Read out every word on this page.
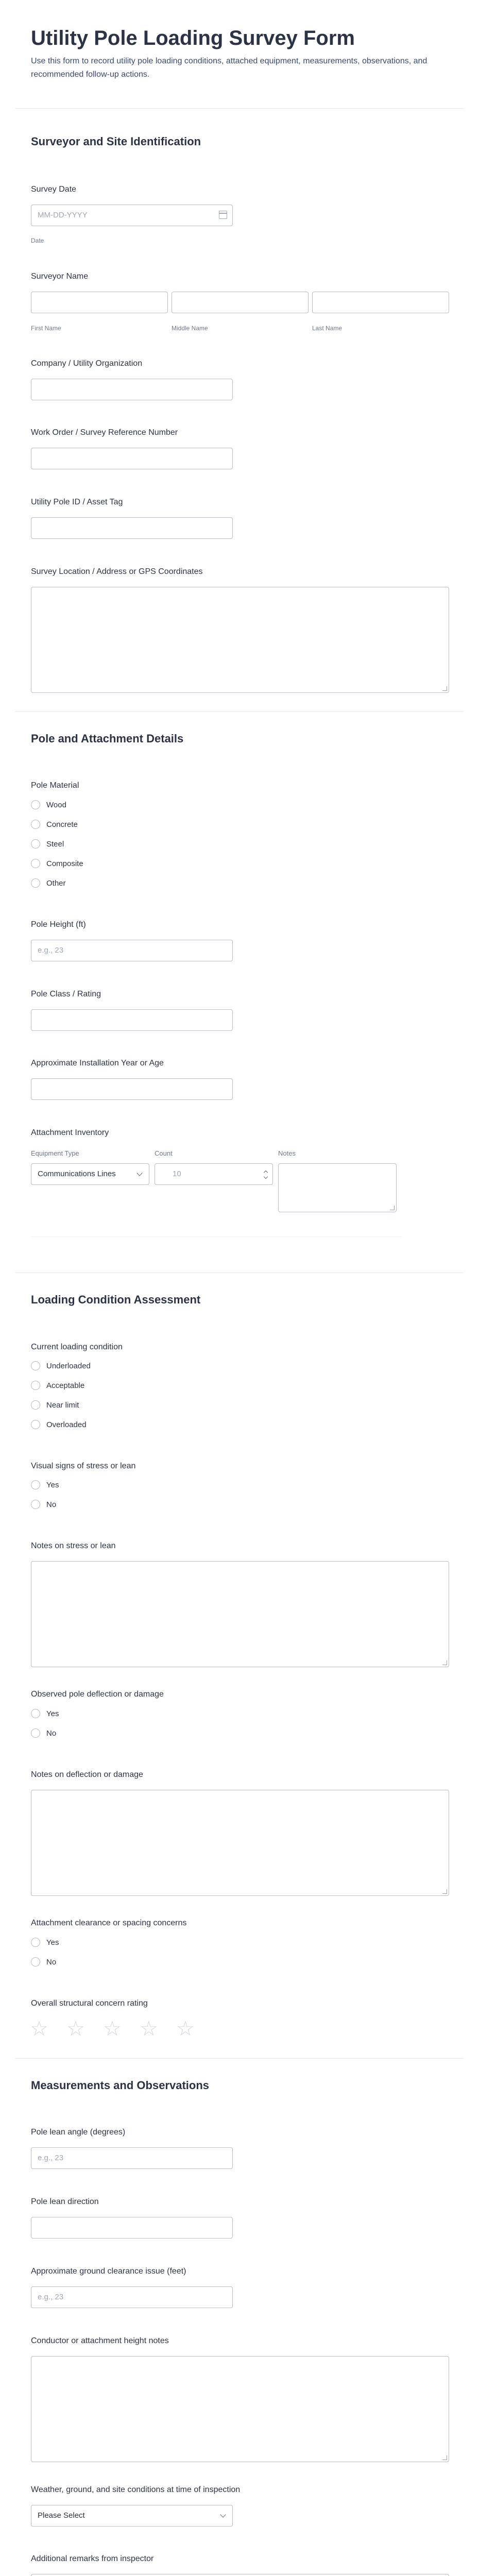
Utility Pole Loading Survey Form
Use this form to record utility pole loading conditions, attached equipment, measurements, observations, and recommended follow-up actions.
Surveyor and Site Identification
Survey Date
MM-DD-YYYY
Date
Surveyor Name
First Name	Middle Name	Last Name
Company / Utility Organization
Work Order / Survey Reference Number
Utility Pole ID / Asset Tag
Survey Location / Address or GPS Coordinates
Pole and Attachment Details
Pole Material
Wood
Concrete
Steel
Composite
Other
Pole Height (ft)
e.g., 23
Pole Class / Rating
Approximate Installation Year or Age
Attachment Inventory
Equipment Type	Count	Notes
Communications Lines	10
Loading Condition Assessment
Current loading condition
Underloaded
Acceptable
Near limit
Overloaded
Visual signs of stress or lean
Yes
No
Notes on stress or lean
Observed pole deflection or damage
Yes
No
Notes on deflection or damage
Attachment clearance or spacing concerns
Yes
No
Overall structural concern rating
☆ ☆ ☆ ☆ ☆
Measurements and Observations
Pole lean angle (degrees)
e.g., 23
Pole lean direction
Approximate ground clearance issue (feet)
e.g., 23
Conductor or attachment height notes
Weather, ground, and site conditions at time of inspection
Please Select
Additional remarks from inspector
